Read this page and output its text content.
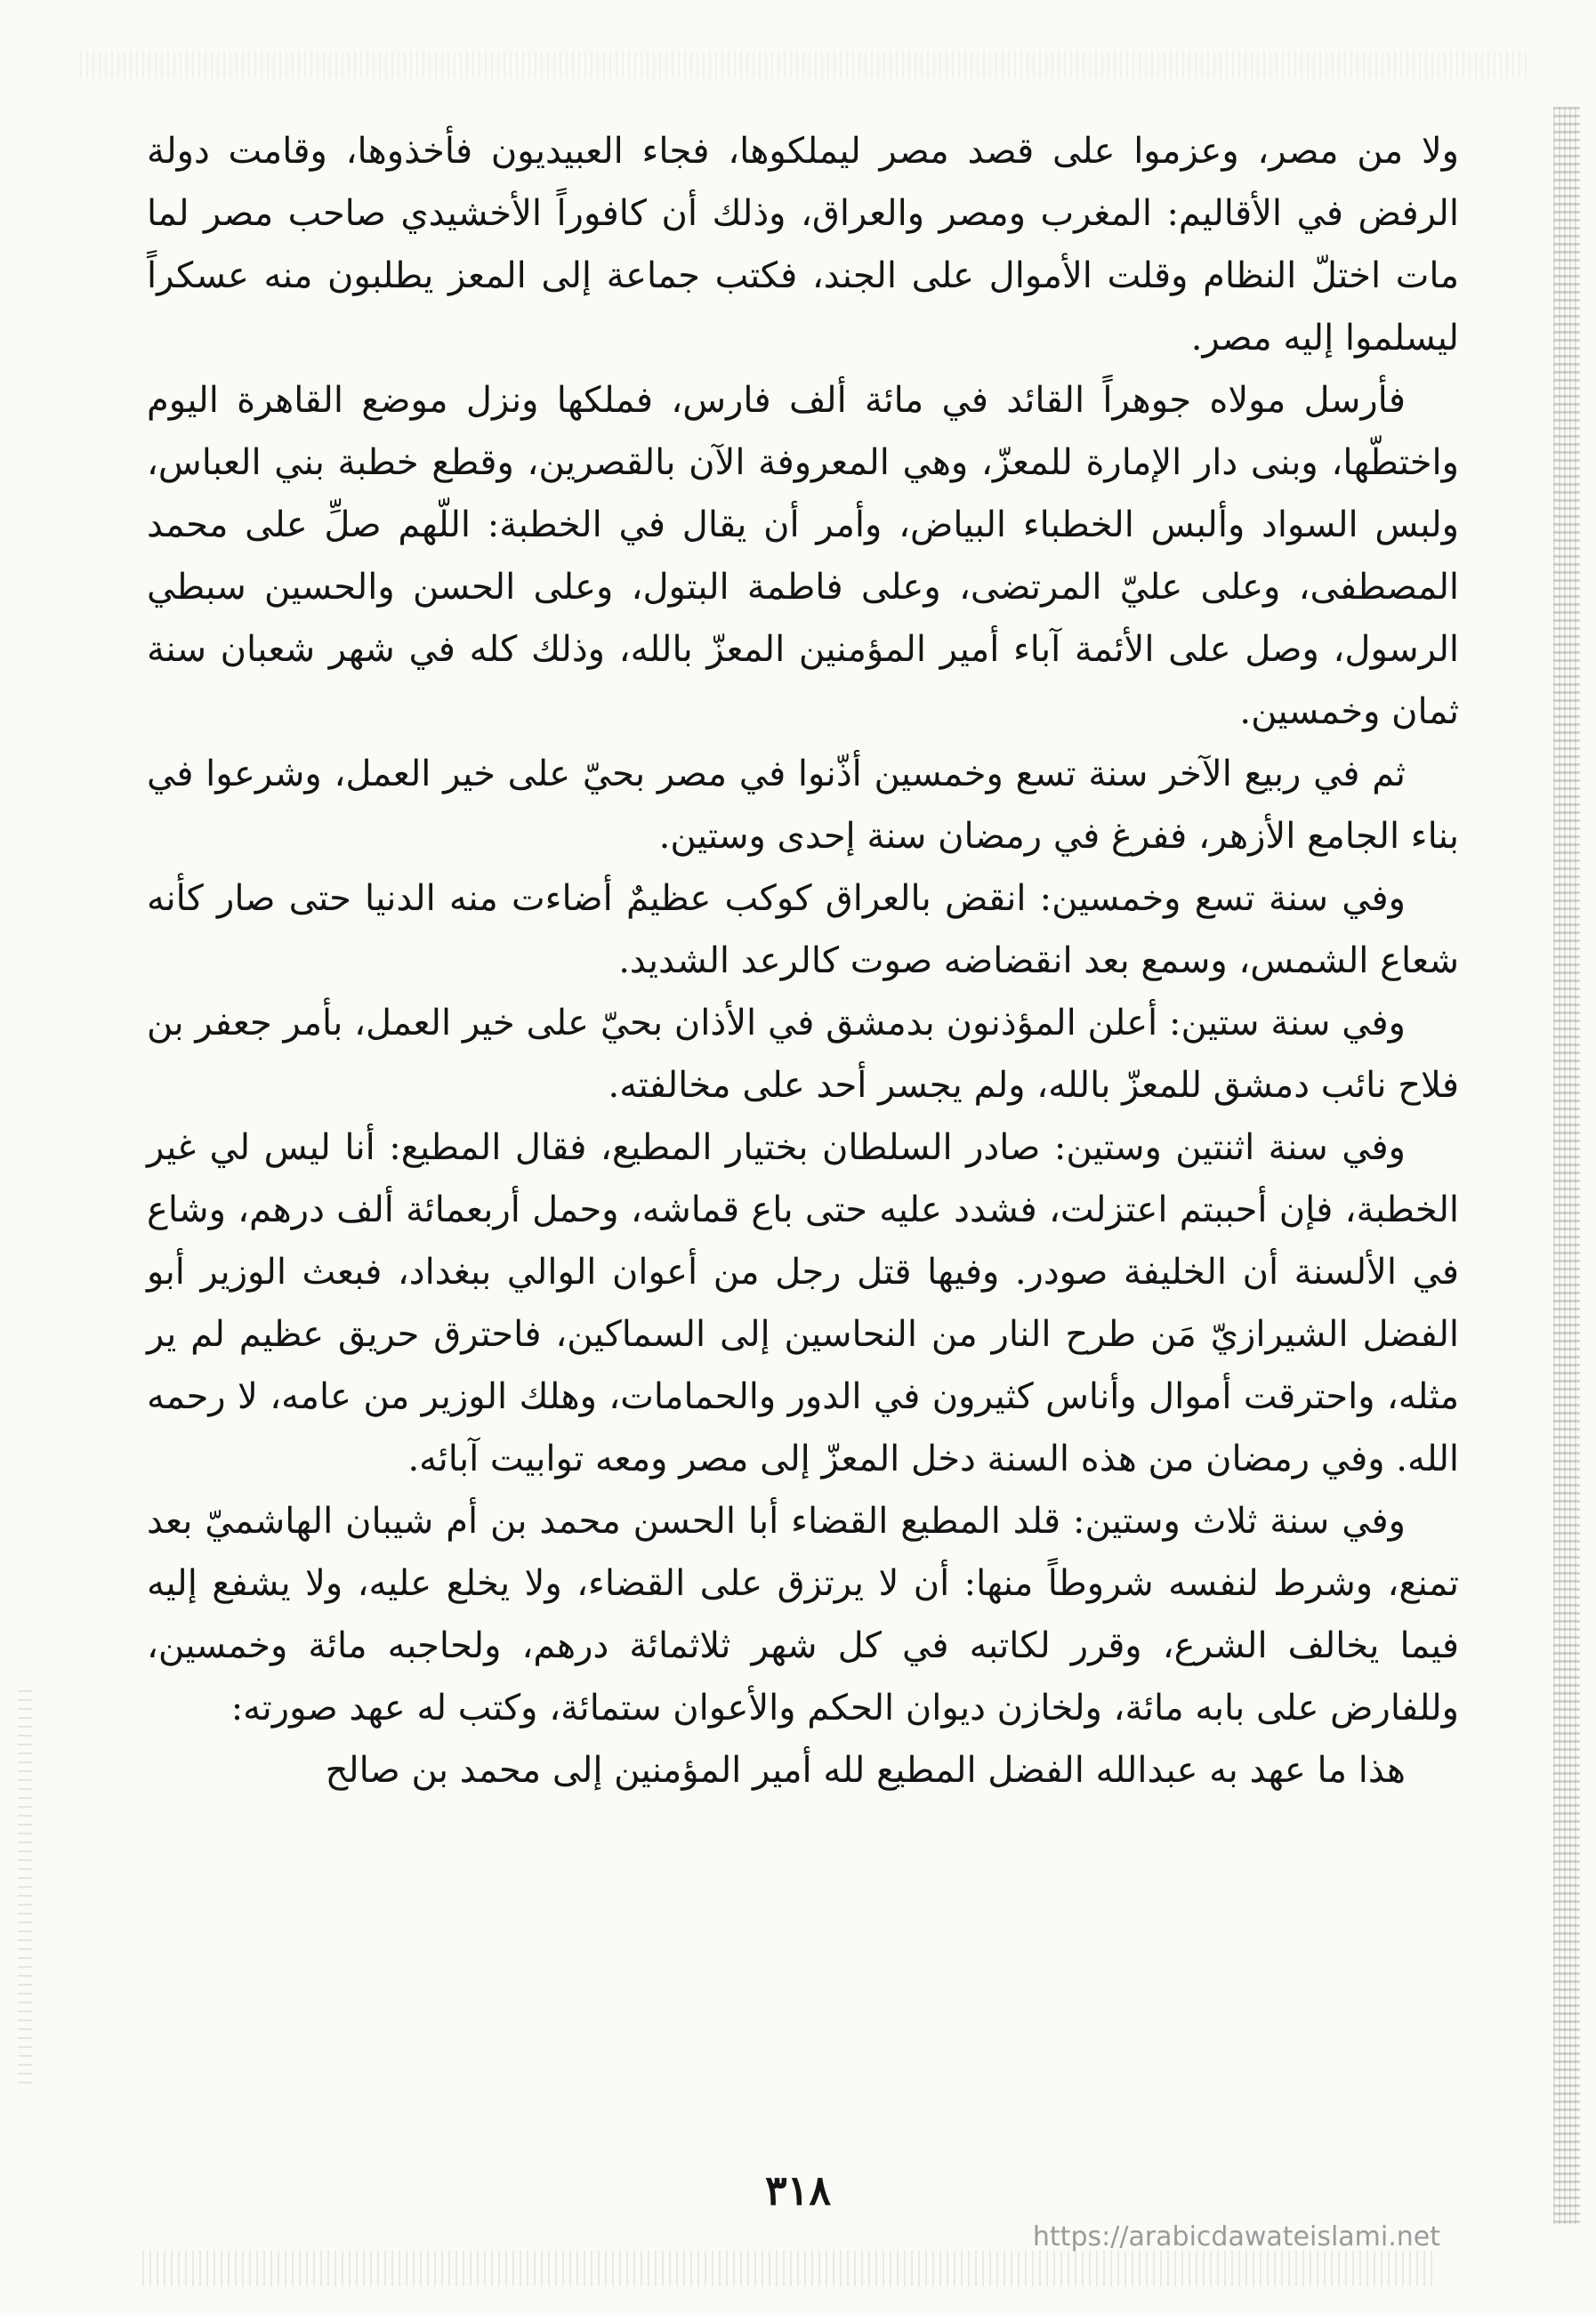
ولا من مصر، وعزموا على قصد مصر ليملكوها، فجاء العبيديون فأخذوها، وقامت دولة الرفض في الأقاليم: المغرب ومصر والعراق، وذلك أن كافوراً الأخشيدي صاحب مصر لما مات اختلّ النظام وقلت الأموال على الجند، فكتب جماعة إلى المعز يطلبون منه عسكراً ليسلموا إليه مصر.

فأرسل مولاه جوهراً القائد في مائة ألف فارس، فملكها ونزل موضع القاهرة اليوم واختطّها، وبنى دار الإمارة للمعزّ، وهي المعروفة الآن بالقصرين، وقطع خطبة بني العباس، ولبس السواد وألبس الخطباء البياض، وأمر أن يقال في الخطبة: اللّهم صلِّ على محمد المصطفى، وعلى عليّ المرتضى، وعلى فاطمة البتول، وعلى الحسن والحسين سبطي الرسول، وصل على الأئمة آباء أمير المؤمنين المعزّ بالله، وذلك كله في شهر شعبان سنة ثمان وخمسين.

ثم في ربيع الآخر سنة تسع وخمسين أذّنوا في مصر بحيّ على خير العمل، وشرعوا في بناء الجامع الأزهر، ففرغ في رمضان سنة إحدى وستين.

وفي سنة تسع وخمسين: انقض بالعراق كوكب عظيمٌ أضاءت منه الدنيا حتى صار كأنه شعاع الشمس، وسمع بعد انقضاضه صوت كالرعد الشديد.

وفي سنة ستين: أعلن المؤذنون بدمشق في الأذان بحيّ على خير العمل، بأمر جعفر بن فلاح نائب دمشق للمعزّ بالله، ولم يجسر أحد على مخالفته.

وفي سنة اثنتين وستين: صادر السلطان بختيار المطيع، فقال المطيع: أنا ليس لي غير الخطبة، فإن أحببتم اعتزلت، فشدد عليه حتى باع قماشه، وحمل أربعمائة ألف درهم، وشاع في الألسنة أن الخليفة صودر. وفيها قتل رجل من أعوان الوالي ببغداد، فبعث الوزير أبو الفضل الشيرازيّ مَن طرح النار من النحاسين إلى السماكين، فاحترق حريق عظيم لم ير مثله، واحترقت أموال وأناس كثيرون في الدور والحمامات، وهلك الوزير من عامه، لا رحمه الله. وفي رمضان من هذه السنة دخل المعزّ إلى مصر ومعه توابيت آبائه.

وفي سنة ثلاث وستين: قلد المطيع القضاء أبا الحسن محمد بن أم شيبان الهاشميّ بعد تمنع، وشرط لنفسه شروطاً منها: أن لا يرتزق على القضاء، ولا يخلع عليه، ولا يشفع إليه فيما يخالف الشرع، وقرر لكاتبه في كل شهر ثلاثمائة درهم، ولحاجبه مائة وخمسين، وللفارض على بابه مائة، ولخازن ديوان الحكم والأعوان ستمائة، وكتب له عهد صورته:

هذا ما عهد به عبدالله الفضل المطيع لله أمير المؤمنين إلى محمد بن صالح

٣١٨
https://arabicdawateislami.net
